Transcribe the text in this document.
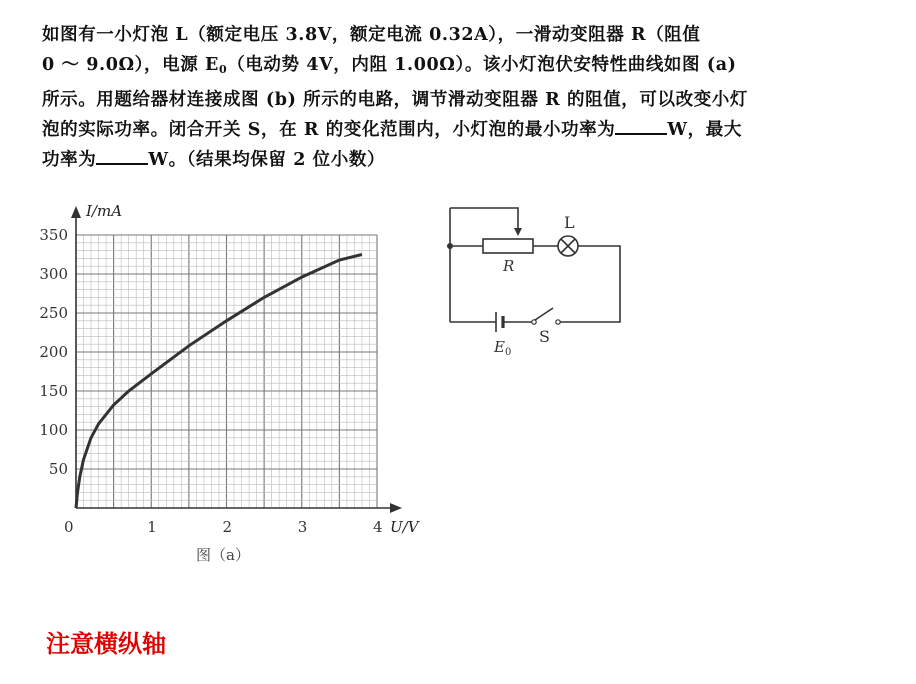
如图有一小灯泡 L（额定电压 3.8V，额定电流 0.32A），一滑动变阻器 R（阻值
0 ～ 9.0Ω），电源 $E_0$（电动势 4V，内阻 1.00Ω）。该小灯泡伏安特性曲线如图 (a)
所示。用题给器材连接成图 (b) 所示的电路，调节滑动变阻器 R 的阻值，可以改变小灯
泡的实际功率。闭合开关 S，在 R 的变化范围内，小灯泡的最小功率为	W，最大
功率为	W。（结果均保留 2 位小数）
0	1	2	3	4
50
100
150
200
250
300
350
I/mA
U/V
图（a）
L
R
S
$E_0$
注意横纵轴
